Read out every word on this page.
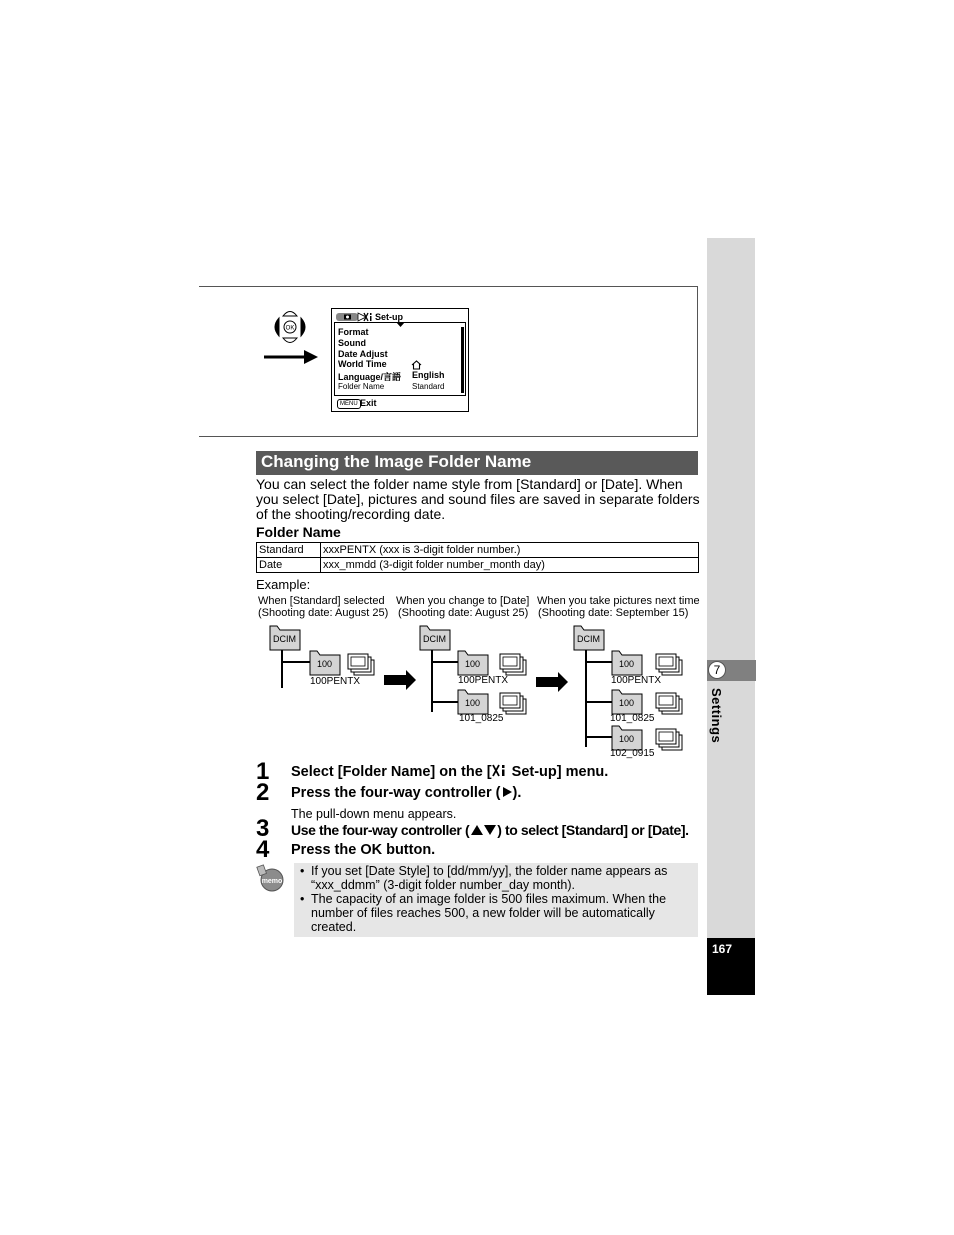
7
Settings
167
OK
Set-up
Format
Sound
Date Adjust
World Time
Language/言語 English
Folder Name	Standard
MENU Exit
Changing the Image Folder Name
You can select the folder name style from [Standard] or [Date]. When you select [Date], pictures and sound files are saved in separate folders of the shooting/recording date.
Folder Name
Standard	xxxPENTX (xxx is 3-digit folder number.)
Date	xxx_mmdd (3-digit folder number_month day)
Example:
When [Standard] selected
(Shooting date: August 25)
When you change to [Date]
(Shooting date: August 25)
When you take pictures next time
(Shooting date: September 15)
DCIM
100
DCIM
100
100
DCIM
100
100
100
100PENTX	100PENTX
101_0825
100PENTX
101_0825
102_0915
1 Select [Folder Name] on the [ Set-up] menu.
2 Press the four-way controller ( ).
The pull-down menu appears.
3 Use the four-way controller ( ) to select [Standard] or [Date].
4 Press the OK button.
memo
• If you set [Date Style] to [dd/mm/yy], the folder name appears as “xxx_ddmm” (3-digit folder number_day month).
• The capacity of an image folder is 500 files maximum. When the number of files reaches 500, a new folder will be automatically created.
